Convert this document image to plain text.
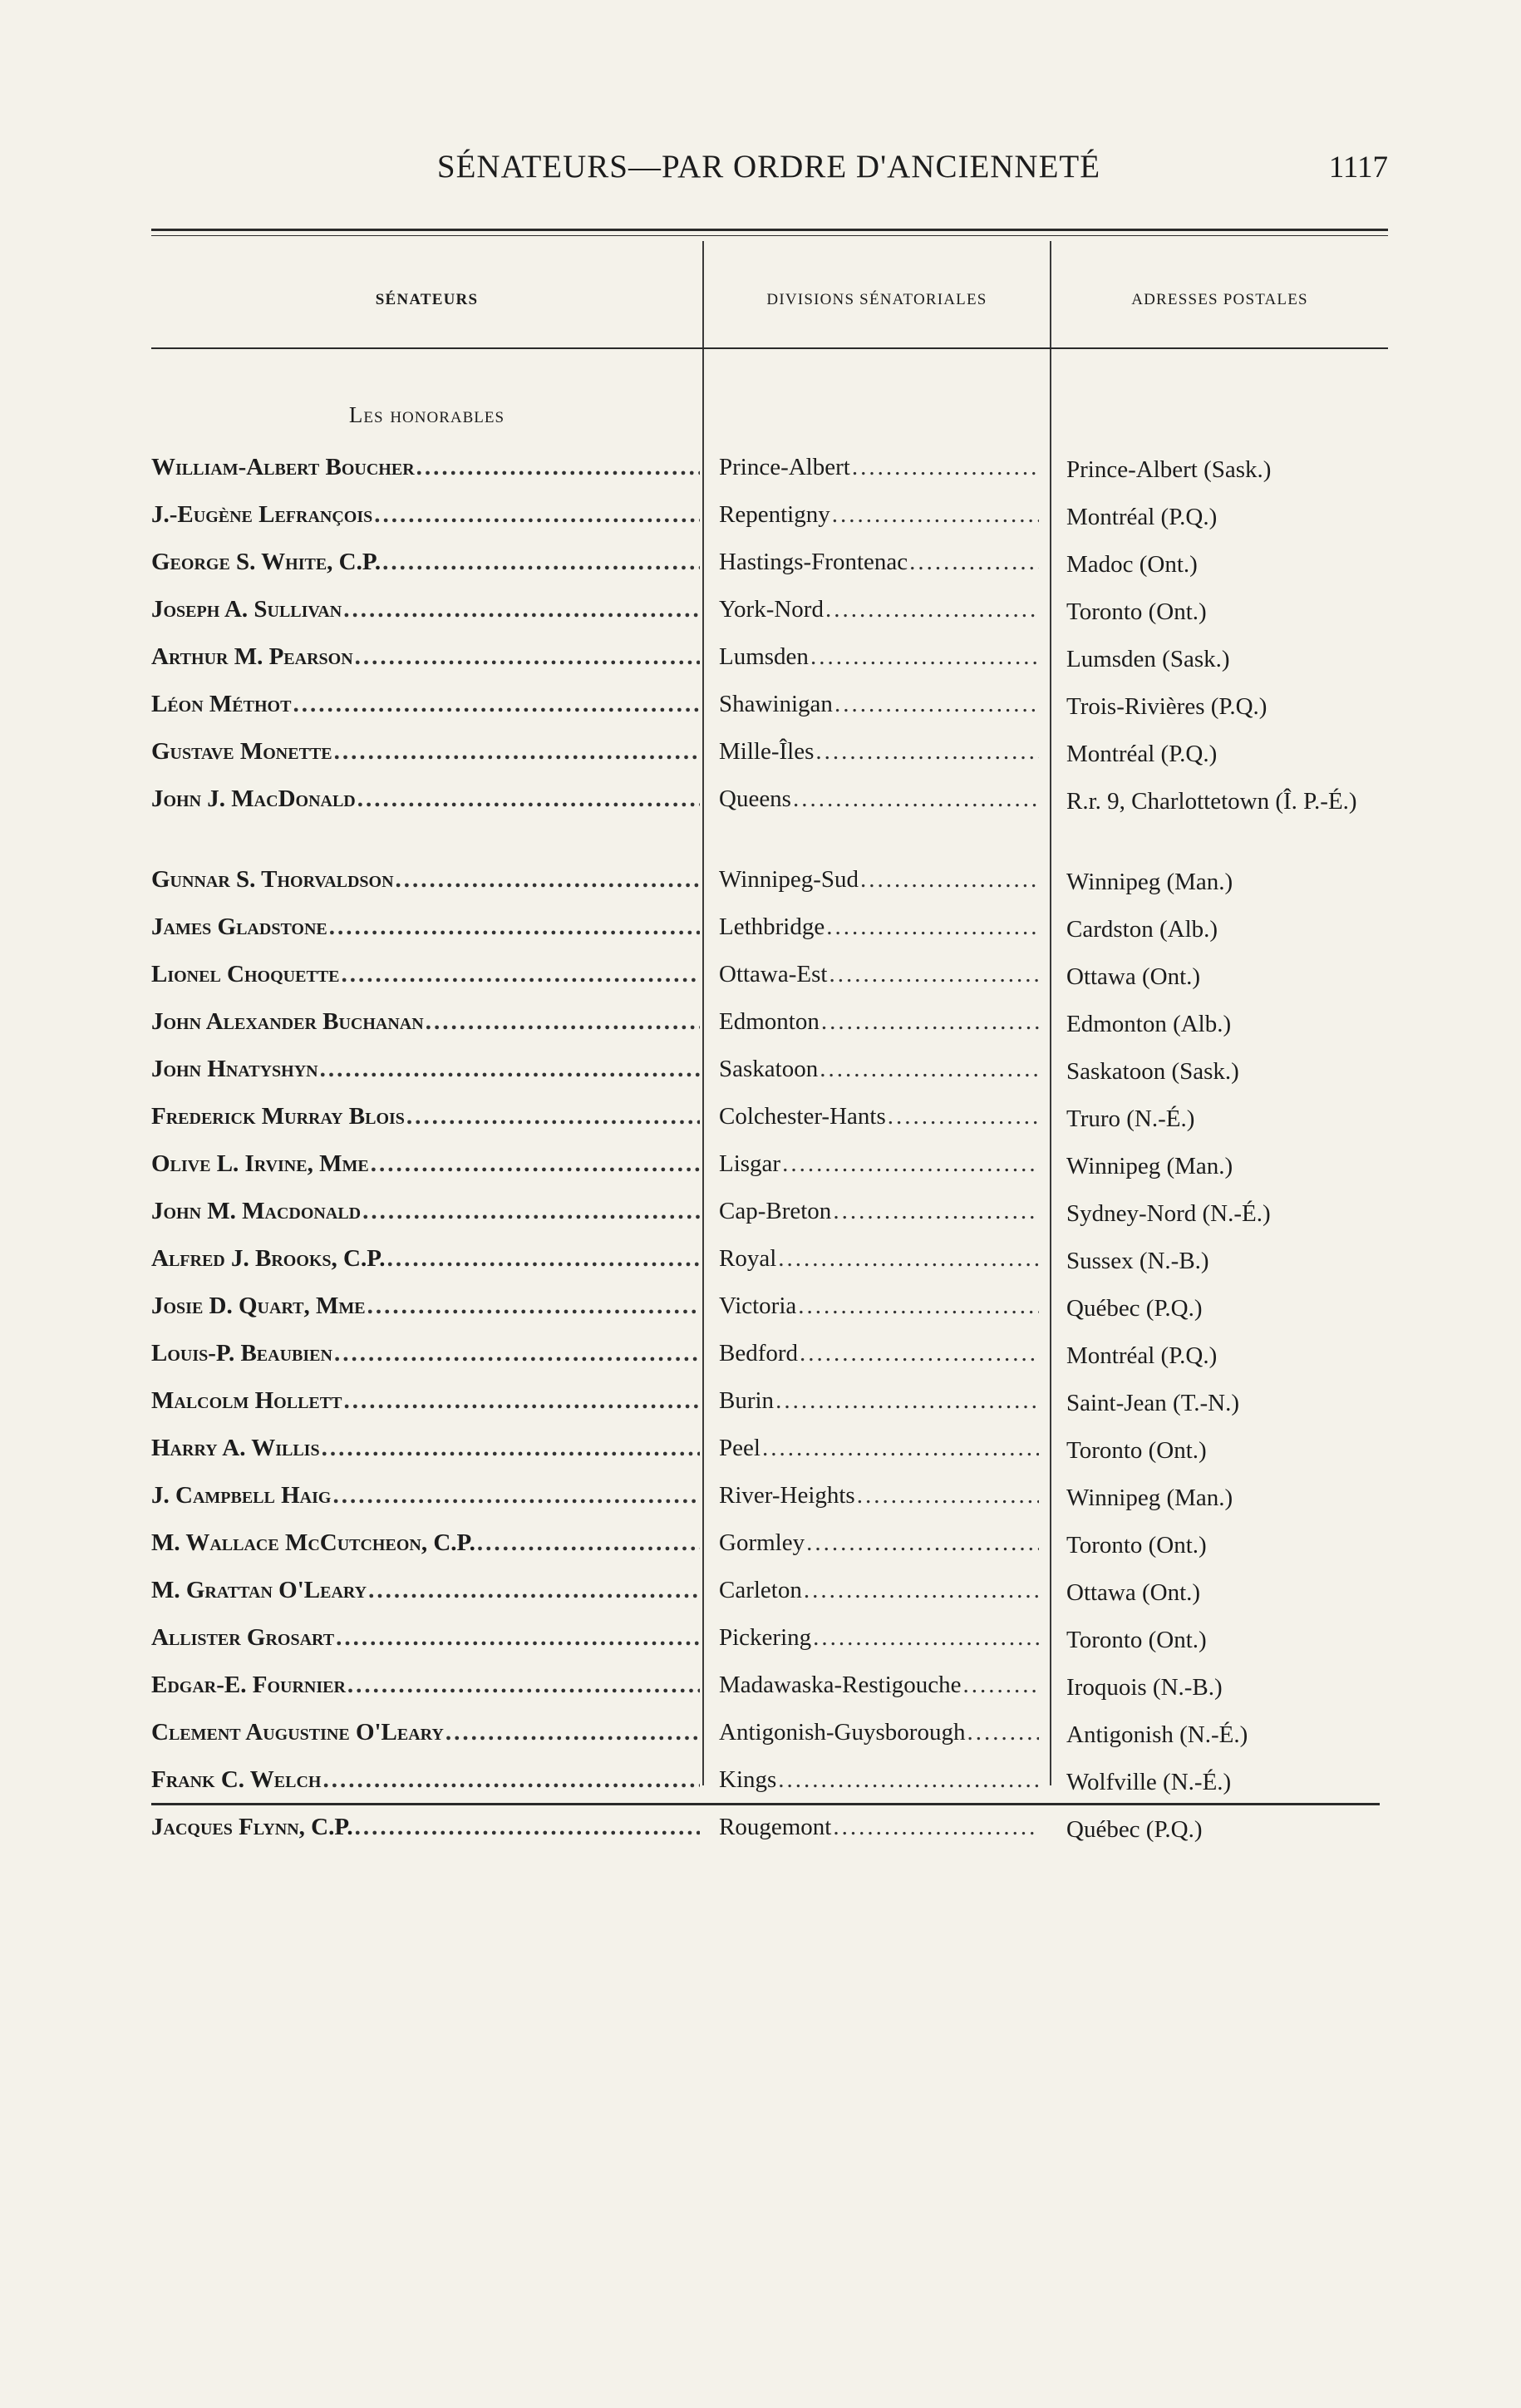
SÉNATEURS—PAR ORDRE D'ANCIENNETÉ	1117
SÉNATEURS	DIVISIONS SÉNATORIALES	ADRESSES POSTALES
Les honorables
William-Albert Boucher .....	Prince-Albert .....	Prince-Albert (Sask.)
J.-Eugène Lefrançois .....	Repentigny .....	Montréal (P.Q.)
George S. White, C.P. .....	Hastings-Frontenac .....	Madoc (Ont.)
Joseph A. Sullivan .....	York-Nord .....	Toronto (Ont.)
Arthur M. Pearson .....	Lumsden .....	Lumsden (Sask.)
Léon Méthot .....	Shawinigan .....	Trois-Rivières (P.Q.)
Gustave Monette .....	Mille-Îles .....	Montréal (P.Q.)
John J. MacDonald .....	Queens .....	R.r. 9, Charlottetown (Î. P.-É.)
Gunnar S. Thorvaldson .....	Winnipeg-Sud .....	Winnipeg (Man.)
James Gladstone .....	Lethbridge .....	Cardston (Alb.)
Lionel Choquette .....	Ottawa-Est .....	Ottawa (Ont.)
John Alexander Buchanan .....	Edmonton .....	Edmonton (Alb.)
John Hnatyshyn .....	Saskatoon .....	Saskatoon (Sask.)
Frederick Murray Blois .....	Colchester-Hants .....	Truro (N.-É.)
Olive L. Irvine, Mme .....	Lisgar .....	Winnipeg (Man.)
John M. Macdonald .....	Cap-Breton .....	Sydney-Nord (N.-É.)
Alfred J. Brooks, C.P. .....	Royal .....	Sussex (N.-B.)
Josie D. Quart, Mme .....	Victoria .....	Québec (P.Q.)
Louis-P. Beaubien .....	Bedford .....	Montréal (P.Q.)
Malcolm Hollett .....	Burin .....	Saint-Jean (T.-N.)
Harry A. Willis .....	Peel .....	Toronto (Ont.)
J. Campbell Haig .....	River-Heights .....	Winnipeg (Man.)
M. Wallace McCutcheon, C.P. .....	Gormley .....	Toronto (Ont.)
M. Grattan O'Leary .....	Carleton .....	Ottawa (Ont.)
Allister Grosart .....	Pickering .....	Toronto (Ont.)
Edgar-E. Fournier .....	Madawaska-Restigouche .....	Iroquois (N.-B.)
Clement Augustine O'Leary .....	Antigonish-Guysborough .....	Antigonish (N.-É.)
Frank C. Welch .....	Kings .....	Wolfville (N.-É.)
Jacques Flynn, C.P. .....	Rougemont .....	Québec (P.Q.)
